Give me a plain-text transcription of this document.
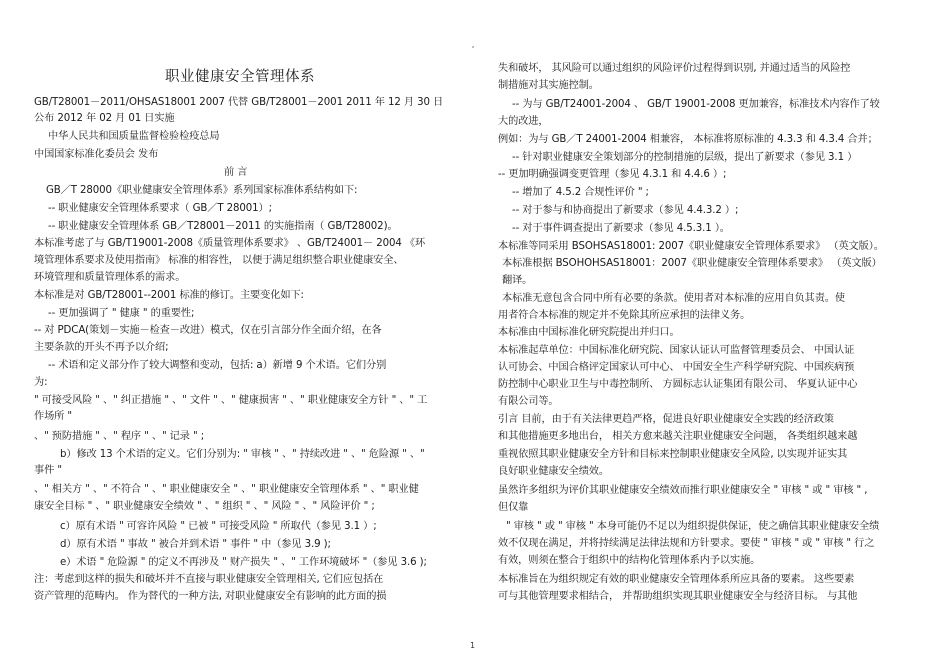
职业健康安全管理体系
GB/T28001－2011/OHSAS18001 2007 代替 GB/T28001－2001 2011 年 12 月 30 日
公布 2012 年 02 月 01 日实施
中华人民共和国质量监督检验检疫总局
中国国家标准化委员会 发布
前 言
GB／T 28000《职业健康安全管理体系》系列国家标准体系结构如下:
-- 职业健康安全管理体系要求（ GB／T 28001）;
-- 职业健康安全管理体系 GB／T28001－2011 的实施指南（ GB/T28002)。
本标准考虑了与 GB/T19001-2008《质量管理体系要求》 、GB/T24001－ 2004 《环
境管理体系要求及使用指南》 标准的相容性， 以便于满足组织整合职业健康安全、
环境管理和质量管理体系的需求。
本标准是对 GB/T28001--2001 标准的修订。主要变化如下:
-- 更加强调了 " 健康 " 的重要性;
-- 对 PDCA(策划－实施－检查－改进）模式，仅在引言部分作全面介绍，在各
主要条款的开头不再予以介绍;
-- 术语和定义部分作了较大调整和变动，包括: a）新增 9 个术语。它们分别
为:
" 可接受风险 " 、" 纠正措施 " 、" 文件 " 、" 健康损害 " 、" 职业健康安全方针 " 、" 工
作场所 "
、" 预防措施 " 、" 程序 " 、" 记录 " ;
b）修改 13 个术语的定义。它们分别为: " 审核 " 、" 持续改进 " 、" 危险源 " 、"
事件 "
、" 相关方 " 、" 不符合 " 、" 职业健康安全 " 、" 职业健康安全管理体系 " 、" 职业健
康安全目标 " 、" 职业健康安全绩效 " 、" 组织 " 、" 风险 " 、" 风险评价 " ;
c）原有术语 " 可容许风险 " 已被 " 可接受风险 " 所取代（参见 3.1 ）;
d）原有术语 " 事故 " 被合并到术语 " 事件 " 中（参见 3.9 );
e）术语 " 危险源 " 的定义不再涉及 " 财产损失 " 、" 工作环境破坏 "（参见 3.6 );
注：考虑到这样的损失和破坏并不直接与职业健康安全管理相关, 它们应包括在
资产管理的范畴内。 作为替代的一种方法, 对职业健康安全有影响的此方面的损
失和破坏， 其风险可以通过组织的风险评价过程得到识别, 并通过适当的风险控
制措施对其实施控制。
-- 为与 GB/T24001-2004 、 GB/T 19001-2008 更加兼容，标准技术内容作了较
大的改进，
例如：为与 GB／T 24001-2004 相兼容， 本标准将原标准的 4.3.3 和 4.3.4 合并；
-- 针对职业健康安全策划部分的控制措施的层级，提出了新要求（参见 3.1 ）
-- 更加明确强调变更管理（参见 4.3.1 和 4.4.6 ）;
-- 增加了 4.5.2 合规性评价 " ;
-- 对于参与和协商提出了新要求（参见 4.4.3.2 ）;
-- 对于事件调查提出了新要求（参见 4.5.3.1 ）。
本标准等同采用 BSOHSAS18001: 2007《职业健康安全管理体系要求》 （英文版）。
本标准根据 BSOHOHSAS18001：2007《职业健康安全管理体系要求》 （英文版）
翻译。
本标准无意包含合同中所有必要的条款。使用者对本标准的应用自负其责。使
用者符合本标准的规定并不免除其所应承担的法律义务。
本标准由中国标准化研究院提出并归口。
本标准起草单位：中国标准化研究院、国家认证认可监督管理委员会、 中国认证
认可协会、中国合格评定国家认可中心、 中国安全生产科学研究院、中国疾病预
防控制中心职业卫生与中毒控制所、 方圆标志认证集团有限公司、 华夏认证中心
有限公司等。
引言 目前，由于有关法律更趋严格，促进良好职业健康安全实践的经济政策
和其他措施更多地出台， 相关方愈来越关注职业健康安全问题， 各类组织越来越
重视依照其职业健康安全方针和目标来控制职业健康安全风险, 以实现并证实其
良好职业健康安全绩效。
虽然许多组织为评价其职业健康安全绩效而推行职业健康安全 " 审核 " 或 " 审核 " ,
但仅靠
" 审核 " 或 " 审核 " 本身可能仍不足以为组织提供保证，使之确信其职业健康安全绩
效不仅现在满足，并将持续满足法律法规和方针要求。要使 " 审核 " 或 " 审核 " 行之
有效，则须在整合于组织中的结构化管理体系内予以实施。
本标准旨在为组织规定有效的职业健康安全管理体系所应具备的要素。 这些要素
可与其他管理要求相结合， 并帮助组织实现其职业健康安全与经济目标。 与其他
1
